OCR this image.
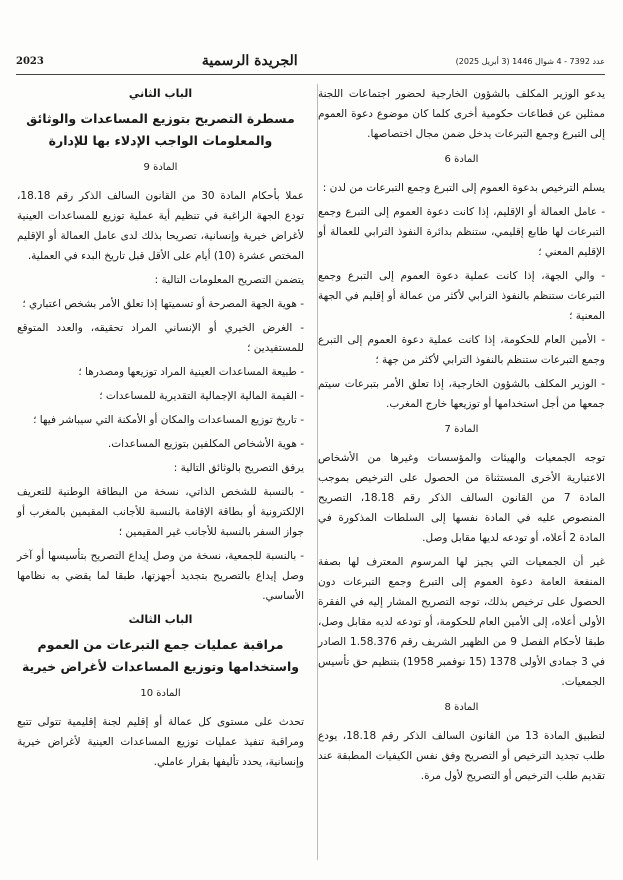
2023	الجريدة الرسمية	عدد 7392 - 4 شوال 1446 (3 أبريل 2025)

يدعو الوزير المكلف بالشؤون الخارجية لحضور اجتماعات اللجنة ممثلين عن قطاعات حكومية أخرى كلما كان موضوع دعوة العموم إلى التبرع وجمع التبرعات يدخل ضمن مجال اختصاصها.

المادة 6

يسلم الترخيص بدعوة العموم إلى التبرع وجمع التبرعات من لدن :

- عامل العمالة أو الإقليم، إذا كانت دعوة العموم إلى التبرع وجمع التبرعات لها طابع إقليمي، ستنظم بدائرة النفوذ الترابي للعمالة أو الإقليم المعني ؛
- والي الجهة، إذا كانت عملية دعوة العموم إلى التبرع وجمع التبرعات ستنظم بالنفوذ الترابي لأكثر من عمالة أو إقليم في الجهة المعنية ؛
- الأمين العام للحكومة، إذا كانت عملية دعوة العموم إلى التبرع وجمع التبرعات ستنظم بالنفوذ الترابي لأكثر من جهة ؛
- الوزير المكلف بالشؤون الخارجية، إذا تعلق الأمر بتبرعات سيتم جمعها من أجل استخدامها أو توزيعها خارج المغرب.
المادة 7

توجه الجمعيات والهيئات والمؤسسات وغيرها من الأشخاص الاعتبارية الأخرى المستثناة من الحصول على الترخيص بموجب المادة 7 من القانون السالف الذكر رقم 18.18، التصريح المنصوص عليه في المادة نفسها إلى السلطات المذكورة في المادة 2 أعلاه، أو تودعه لديها مقابل وصل.

غير أن الجمعيات التي يجيز لها المرسوم المعترف لها بصفة المنفعة العامة دعوة العموم إلى التبرع وجمع التبرعات دون الحصول على ترخيص بذلك، توجه التصريح المشار إليه في الفقرة الأولى أعلاه، إلى الأمين العام للحكومة، أو تودعه لديه مقابل وصل، طبقا لأحكام الفصل 9 من الظهير الشريف رقم 1.58.376 الصادر في 3 جمادى الأولى 1378 (15 نوفمبر 1958) بتنظيم حق تأسيس الجمعيات.

المادة 8

لتطبيق المادة 13 من القانون السالف الذكر رقم 18.18، يودع طلب تجديد الترخيص أو التصريح وفق نفس الكيفيات المطبقة عند تقديم طلب الترخيص أو التصريح لأول مرة.

الباب الثاني
مسطرة التصريح بتوزيع المساعدات والوثائق والمعلومات الواجب الإدلاء بها للإدارة
المادة 9

عملا بأحكام المادة 30 من القانون السالف الذكر رقم 18.18، تودع الجهة الراغبة في تنظيم أية عملية توزيع للمساعدات العينية لأغراض خيرية وإنسانية، تصريحا بذلك لدى عامل العمالة أو الإقليم المختص عشرة (10) أيام على الأقل قبل تاريخ البدء في العملية.

يتضمن التصريح المعلومات التالية :

- هوية الجهة المصرحة أو تسميتها إذا تعلق الأمر بشخص اعتباري ؛
- الغرض الخيري أو الإنساني المراد تحقيقه، والعدد المتوقع للمستفيدين ؛
- طبيعة المساعدات العينية المراد توزيعها ومصدرها ؛
- القيمة المالية الإجمالية التقديرية للمساعدات ؛
- تاريخ توزيع المساعدات والمكان أو الأمكنة التي سيباشر فيها ؛
- هوية الأشخاص المكلفين بتوزيع المساعدات.

يرفق التصريح بالوثائق التالية :

- بالنسبة للشخص الذاتي، نسخة من البطاقة الوطنية للتعريف الإلكترونية أو بطاقة الإقامة بالنسبة للأجانب المقيمين بالمغرب أو جواز السفر بالنسبة للأجانب غير المقيمين ؛
- بالنسبة للجمعية، نسخة من وصل إيداع التصريح بتأسيسها أو آخر وصل إيداع بالتصريح بتجديد أجهزتها، طبقا لما يقضي به نظامها الأساسي.
الباب الثالث
مراقبة عمليات جمع التبرعات من العموم واستخدامها وتوزيع المساعدات لأغراض خيرية
المادة 10

تحدث على مستوى كل عمالة أو إقليم لجنة إقليمية تتولى تتبع ومراقبة تنفيذ عمليات توزيع المساعدات العينية لأغراض خيرية وإنسانية، يحدد تأليفها بقرار عاملي.
